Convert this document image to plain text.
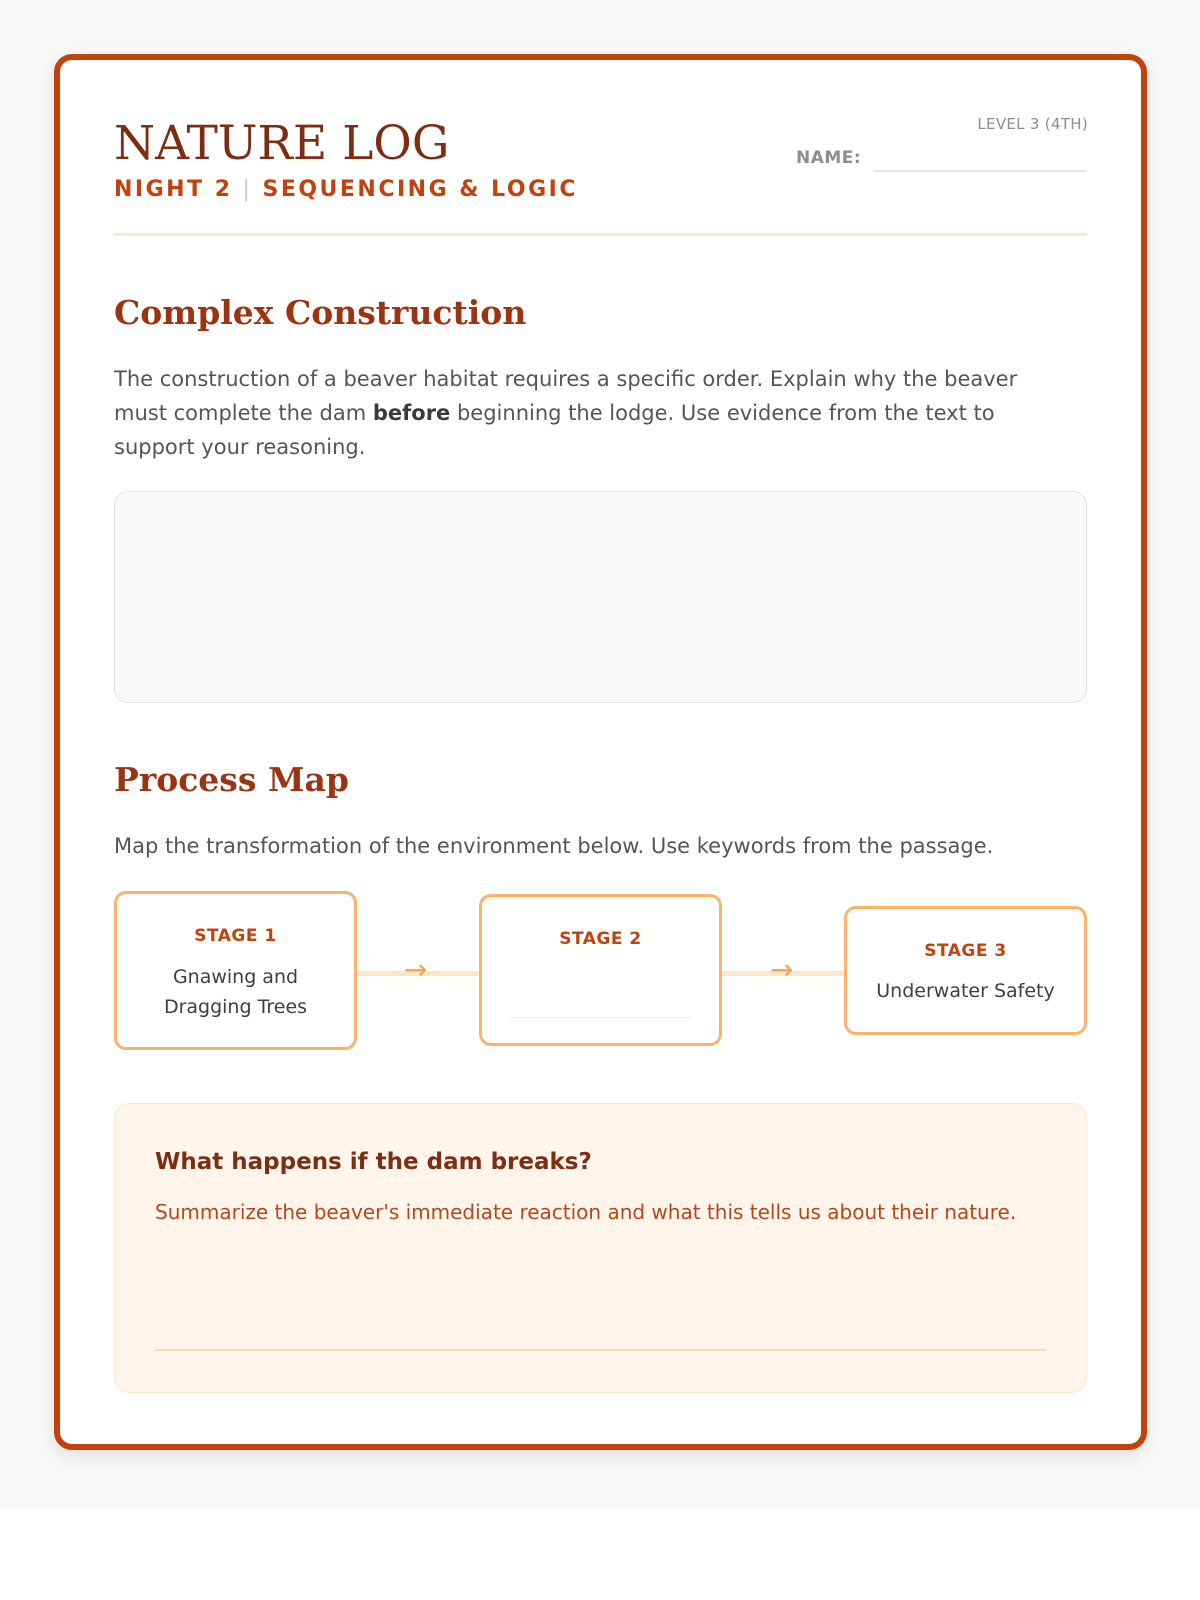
NATURE LOG
NIGHT 2 | SEQUENCING & LOGIC
LEVEL 3 (4TH)
NAME:
Complex Construction

The construction of a beaver habitat requires a specific order. Explain why the beaver must complete the dam before beginning the lodge. Use evidence from the text to support your reasoning.

Process Map

Map the transformation of the environment below. Use keywords from the passage.

→	→
STAGE 1
Gnawing and
Dragging Trees
STAGE 2
STAGE 3
Underwater Safety
What happens if the dam breaks?
Summarize the beaver's immediate reaction and what this tells us about their nature.
